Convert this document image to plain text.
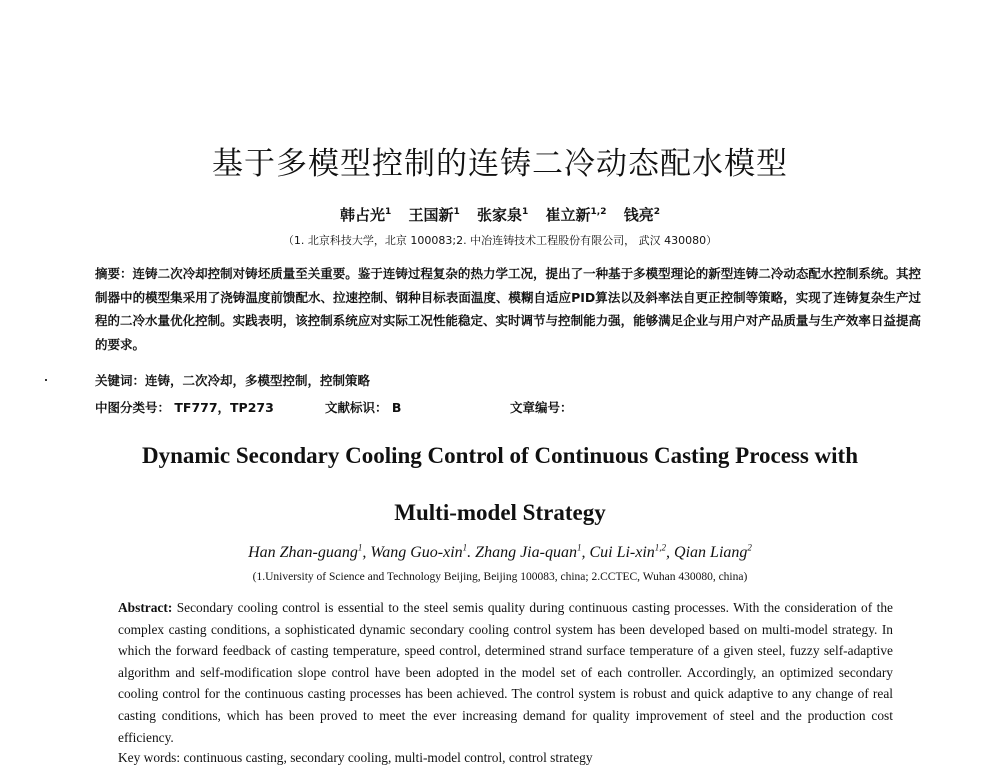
基于多模型控制的连铸二冷动态配水模型
韩占光$^1$ 王国新$^1$ 张家泉$^1$ 崔立新$^{1,2}$ 钱亮$^2$
（1. 北京科技大学，北京 100083;2. 中冶连铸技术工程股份有限公司， 武汉 430080）
摘要：连铸二次冷却控制对铸坯质量至关重要。鉴于连铸过程复杂的热力学工况，提出了一种基于多模型理论的新型连铸二冷动态配水控制系统。其控制器中的模型集采用了浇铸温度前馈配水、拉速控制、钢种目标表面温度、模糊自适应PID算法以及斜率法自更正控制等策略，实现了连铸复杂生产过程的二冷水量优化控制。实践表明，该控制系统应对实际工况性能稳定、实时调节与控制能力强，能够满足企业与用户对产品质量与生产效率日益提高的要求。
关键词：连铸，二次冷却，多模型控制，控制策略
中图分类号： TF777，TP273	文献标识： B	文章编号：
Dynamic Secondary Cooling Control of Continuous Casting Process with
Multi-model Strategy
Han Zhan-guang$^1$, Wang Guo-xin$^1$. Zhang Jia-quan$^1$, Cui Li-xin$^{1,2}$, Qian Liang$^2$
(1.University of Science and Technology Beijing, Beijing 100083, china; 2.CCTEC, Wuhan 430080, china)
Abstract: Secondary cooling control is essential to the steel semis quality during continuous casting processes. With the consideration of the complex casting conditions, a sophisticated dynamic secondary cooling control system has been developed based on multi-model strategy. In which the forward feedback of casting temperature, speed control, determined strand surface temperature of a given steel, fuzzy self-adaptive algorithm and self-modification slope control have been adopted in the model set of each controller. Accordingly, an optimized secondary cooling control for the continuous casting processes has been achieved. The control system is robust and quick adaptive to any change of real casting conditions, which has been proved to meet the ever increasing demand for quality improvement of steel and the production cost efficiency.
Key words: continuous casting, secondary cooling, multi-model control, control strategy
